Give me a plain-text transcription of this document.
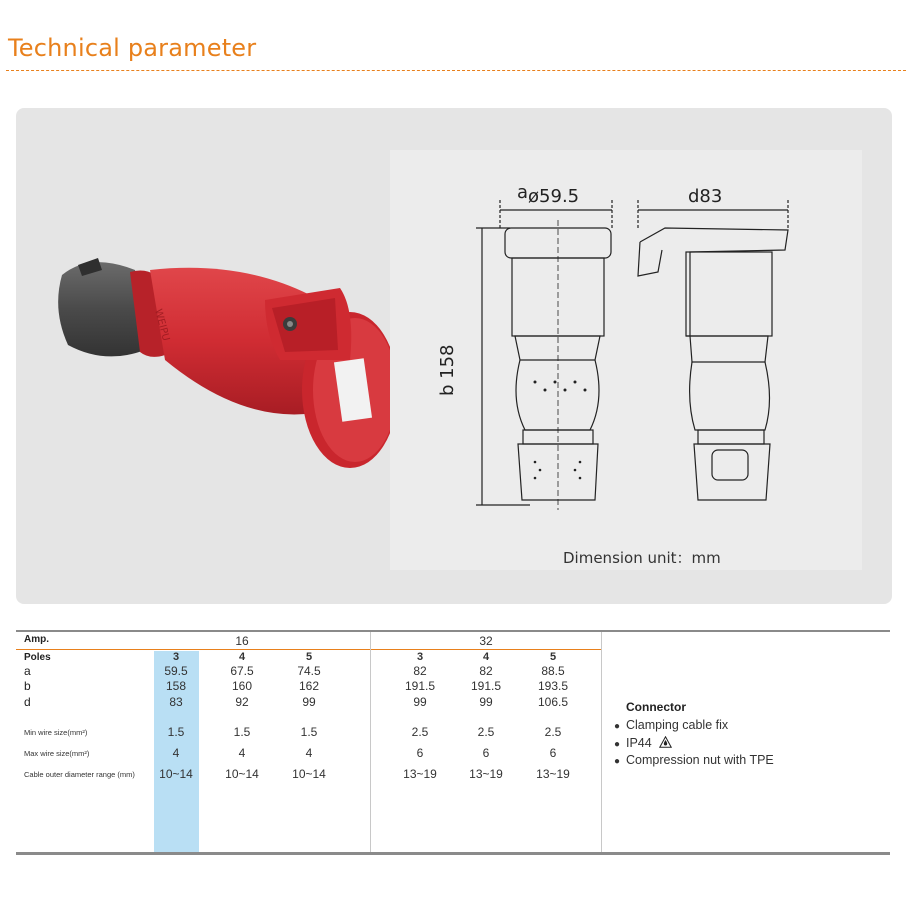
Technical parameter
WEIPU
aø59.5	d83
b 158
Dimension unit：mm
Amp.
Poles
16	32
3	4	5	3	4	5
a	59.5	67.5	74.5	82	82	88.5
b	158	160	162	191.5	191.5	193.5
d	83	92	99	99	99	106.5
Min wire size(mm²)	1.5	1.5	1.5	2.5	2.5	2.5
Max wire size(mm²)	4	4	4	6	6	6
Cable outer diameter range (mm)	10~14	10~14	10~14	13~19	13~19	13~19
Connector
● Clamping cable fix
● IP44
● Compression nut with TPE
